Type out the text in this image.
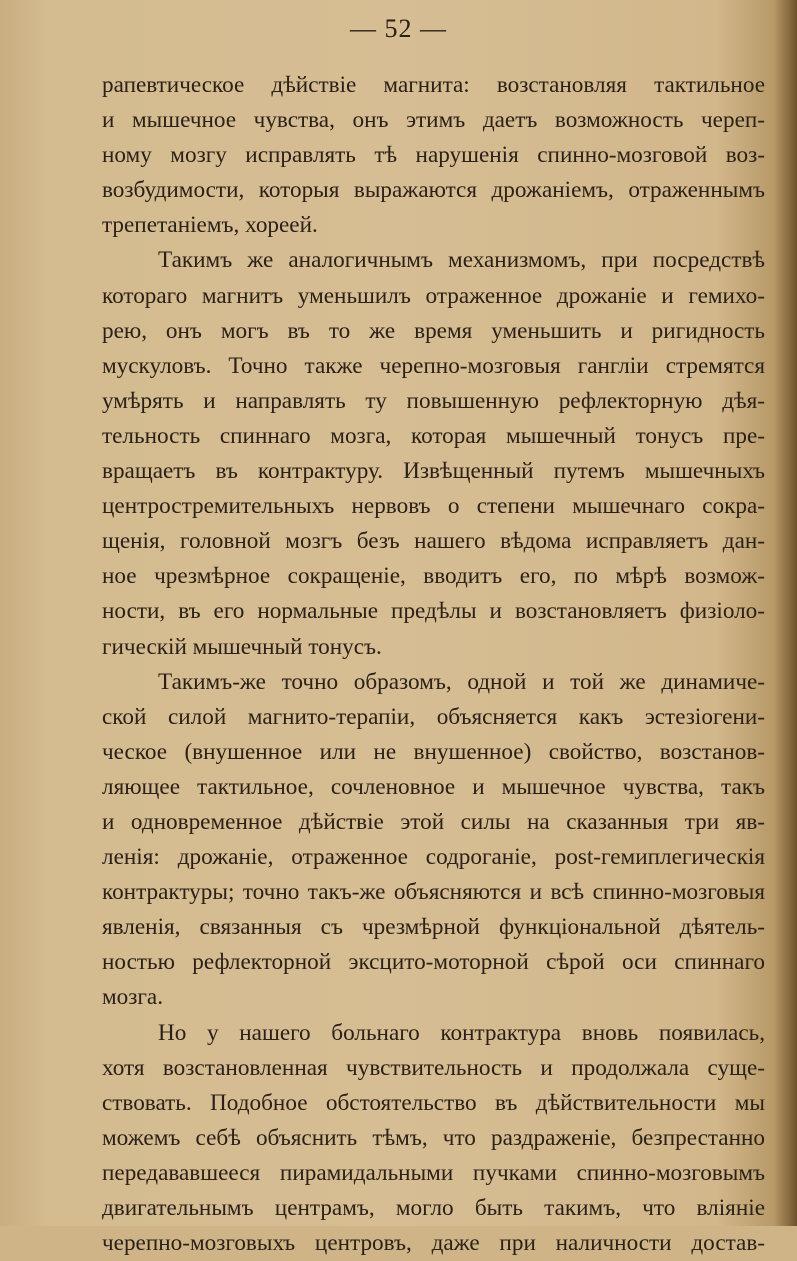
— 52 —
рапевтическое дѣйствіе магнита: возстановляя тактильное
и мышечное чувства, онъ этимъ даетъ возможность череп-
ному мозгу исправлять тѣ нарушенія спинно-мозговой воз-
возбудимости, которыя выражаются дрожаніемъ, отраженнымъ
трепетаніемъ, хореей.
Такимъ же аналогичнымъ механизмомъ, при посредствѣ
котораго магнитъ уменьшилъ отраженное дрожаніе и гемихо-
рею, онъ могъ въ то же время уменьшить и ригидность
мускуловъ. Точно также черепно-мозговыя гангліи стремятся
умѣрять и направлять ту повышенную рефлекторную дѣя-
тельность спиннаго мозга, которая мышечный тонусъ пре-
вращаетъ въ контрактуру. Извѣщенный путемъ мышечныхъ
центростремительныхъ нервовъ о степени мышечнаго сокра-
щенія, головной мозгъ безъ нашего вѣдома исправляетъ дан-
ное чрезмѣрное сокращеніе, вводитъ его, по мѣрѣ возмож-
ности, въ его нормальные предѣлы и возстановляетъ физіоло-
гическій мышечный тонусъ.
Такимъ-же точно образомъ, одной и той же динамиче-
ской силой магнито-терапіи, объясняется какъ эстезіогени-
ческое (внушенное или не внушенное) свойство, возстанов-
ляющее тактильное, сочленовное и мышечное чувства, такъ
и одновременное дѣйствіе этой силы на сказанныя три яв-
ленія: дрожаніе, отраженное содроганіе, post-гемиплегическія
контрактуры; точно такъ-же объясняются и всѣ спинно-мозговыя
явленія, связанныя съ чрезмѣрной функціональной дѣятель-
ностью рефлекторной эксцито-моторной сѣрой оси спиннаго
мозга.
Но у нашего больнаго контрактура вновь появилась,
хотя возстановленная чувствительность и продолжала суще-
ствовать. Подобное обстоятельство въ дѣйствительности мы
можемъ себѣ объяснить тѣмъ, что раздраженіе, безпрестанно
передававшееся пирамидальными пучками спинно-мозговымъ
двигательнымъ центрамъ, могло быть такимъ, что вліяніе
черепно-мозговыхъ центровъ, даже при наличности достав-
